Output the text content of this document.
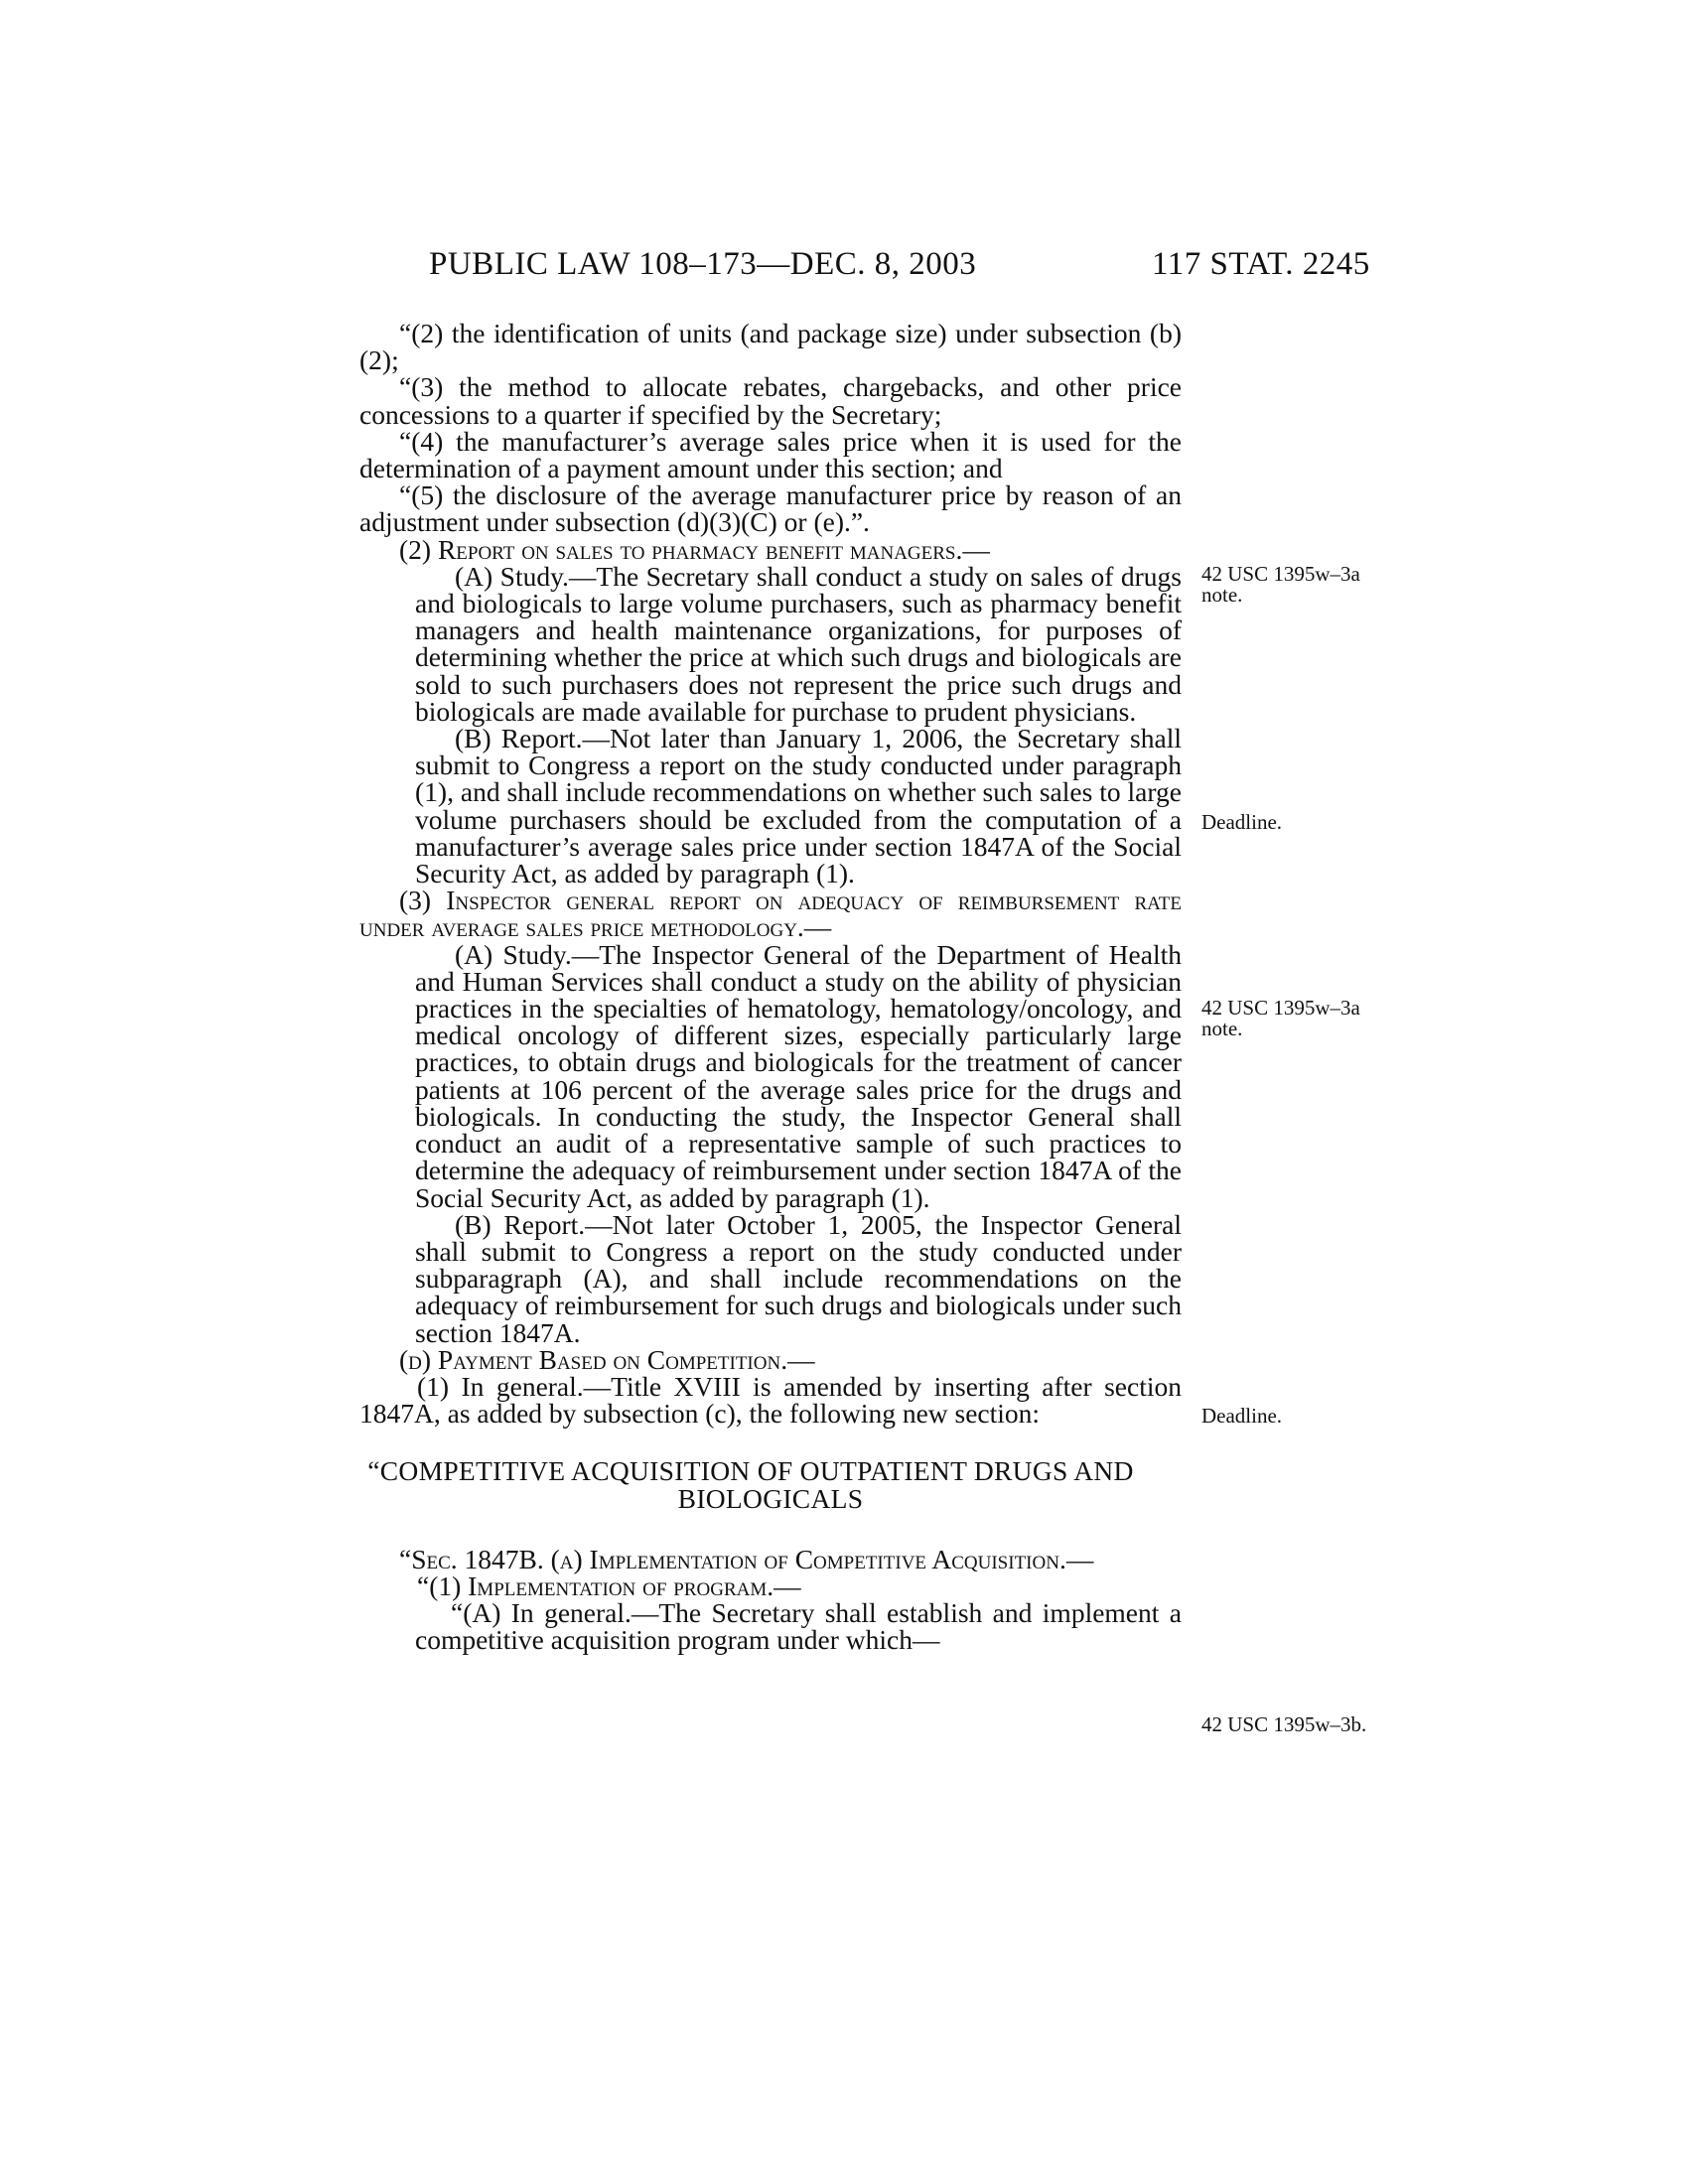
PUBLIC LAW 108–173—DEC. 8, 2003	117 STAT. 2245

“(2) the identification of units (and package size) under subsection (b)(2);

“(3) the method to allocate rebates, chargebacks, and other price concessions to a quarter if specified by the Secretary;

“(4) the manufacturer’s average sales price when it is used for the determination of a payment amount under this section; and

“(5) the disclosure of the average manufacturer price by reason of an adjustment under subsection (d)(3)(C) or (e).”.

(2) Report on sales to pharmacy benefit managers.—

(A) Study.—The Secretary shall conduct a study on sales of drugs and biologicals to large volume purchasers, such as pharmacy benefit managers and health maintenance organizations, for purposes of determining whether the price at which such drugs and biologicals are sold to such purchasers does not represent the price such drugs and biologicals are made available for purchase to prudent physicians.

(B) Report.—Not later than January 1, 2006, the Secretary shall submit to Congress a report on the study conducted under paragraph (1), and shall include recommendations on whether such sales to large volume purchasers should be excluded from the computation of a manufacturer’s average sales price under section 1847A of the Social Security Act, as added by paragraph (1).

(3) Inspector general report on adequacy of reimbursement rate under average sales price methodology.—

(A) Study.—The Inspector General of the Department of Health and Human Services shall conduct a study on the ability of physician practices in the specialties of hematology, hematology/oncology, and medical oncology of different sizes, especially particularly large practices, to obtain drugs and biologicals for the treatment of cancer patients at 106 percent of the average sales price for the drugs and biologicals. In conducting the study, the Inspector General shall conduct an audit of a representative sample of such practices to determine the adequacy of reimbursement under section 1847A of the Social Security Act, as added by paragraph (1).

(B) Report.—Not later October 1, 2005, the Inspector General shall submit to Congress a report on the study conducted under subparagraph (A), and shall include recommendations on the adequacy of reimbursement for such drugs and biologicals under such section 1847A.

(d) Payment Based on Competition.—

(1) In general.—Title XVIII is amended by inserting after section 1847A, as added by subsection (c), the following new section:

“COMPETITIVE ACQUISITION OF OUTPATIENT DRUGS AND BIOLOGICALS

“Sec. 1847B. (a) Implementation of Competitive Acquisition.—

“(1) Implementation of program.—

“(A) In general.—The Secretary shall establish and implement a competitive acquisition program under which—

42 USC 1395w–3a note.
Deadline.
42 USC 1395w–3a note.
Deadline.
42 USC 1395w–3b.
